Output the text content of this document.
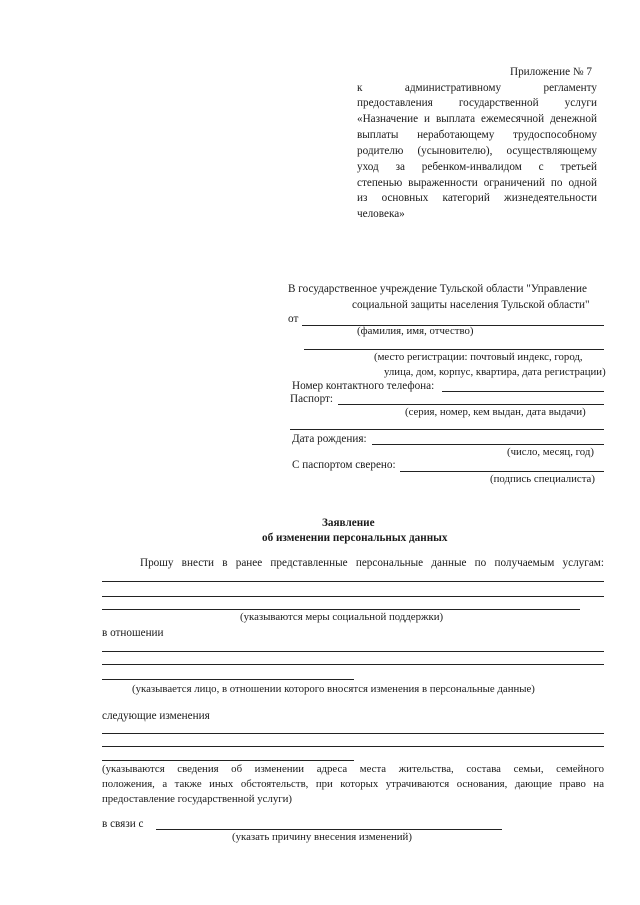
Приложение № 7
к административному регламенту
предоставления государственной услуги
«Назначение и выплата ежемесячной денежной
выплаты неработающему трудоспособному
родителю (усыновителю), осуществляющему
уход за ребенком-инвалидом с третьей
степенью выраженности ограничений по одной
из основных категорий жизнедеятельности
человека»
В государственное учреждение Тульской области "Управление
социальной защиты населения Тульской области"
от
(фамилия, имя, отчество)
(место регистрации: почтовый индекс, город,
улица, дом, корпус, квартира, дата регистрации)
Номер контактного телефона:
Паспорт:
(серия, номер, кем выдан, дата выдачи)
Дата рождения:
(число, месяц, год)
С паспортом сверено:
(подпись специалиста)
Заявление
об изменении персональных данных
Прошу внести в ранее представленные персональные данные по получаемым услугам:
(указываются меры социальной поддержки)
в отношении
(указывается лицо, в отношении которого вносятся изменения в персональные данные)
следующие изменения
(указываются сведения об изменении адреса места жительства, состава семьи, семейного
положения, а также иных обстоятельств, при которых утрачиваются основания, дающие право на
предоставление государственной услуги)
в связи с
(указать причину внесения изменений)
